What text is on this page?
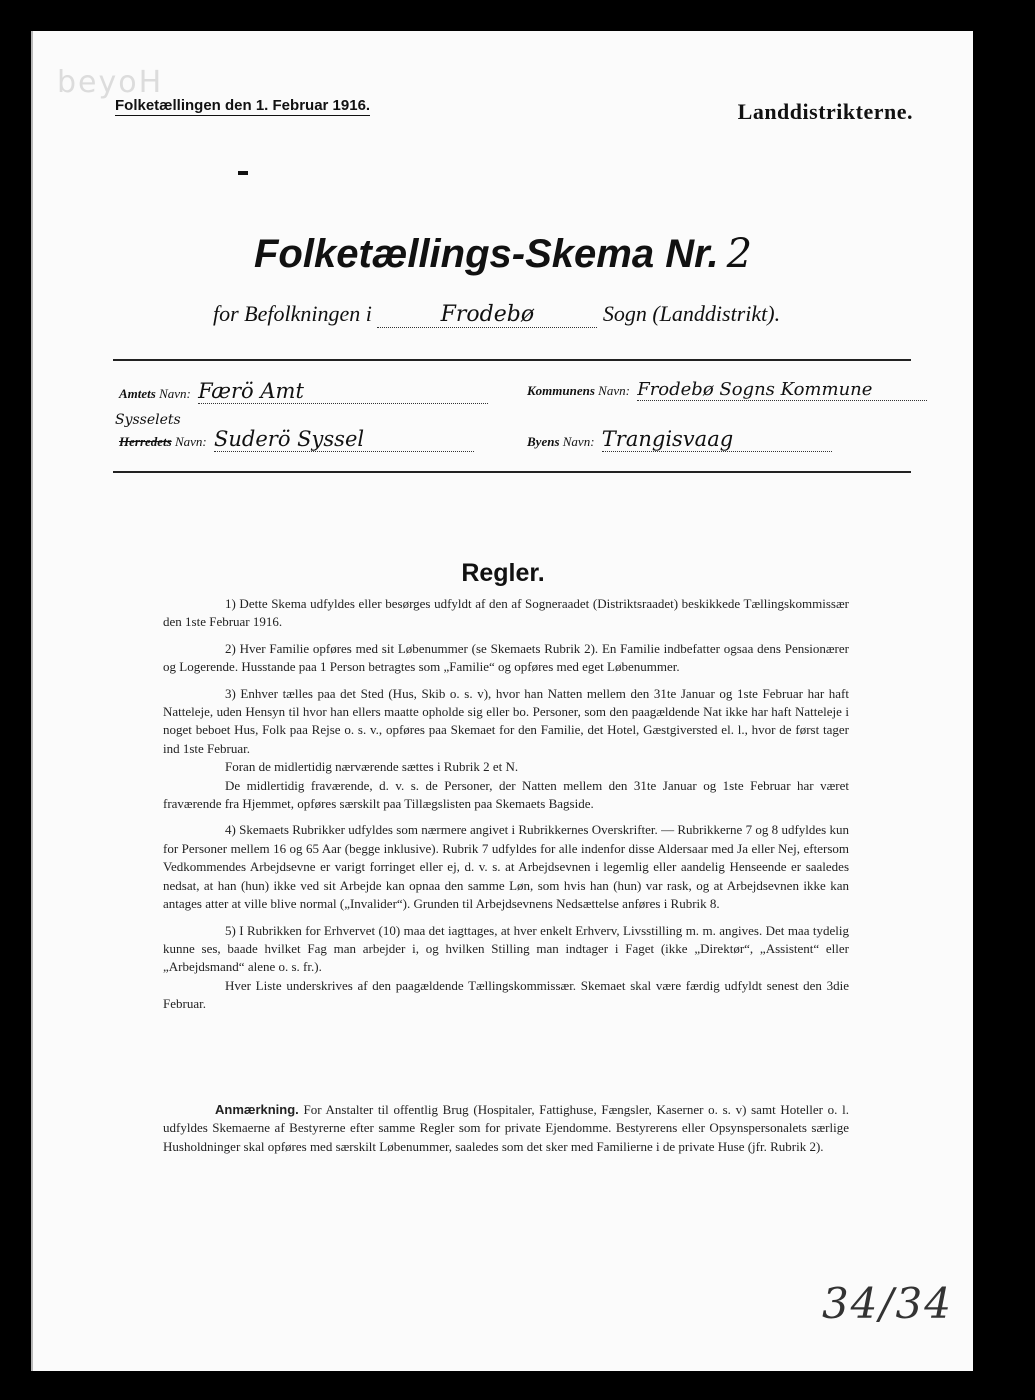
beyoH
Folketællingen den 1. Februar 1916.	Landdistrikterne.
Folketællings-Skema Nr. 2
for Befolkningen i	Frodebø	Sogn (Landdistrikt).
Amtets Navn: Færö Amt	Kommunens Navn: Frodebø Sogns Kommune
Sysselets
Herredets Navn: Suderö Syssel	Byens Navn: Trangisvaag
Regler.

1) Dette Skema udfyldes eller besørges udfyldt af den af Sogneraadet (Distriktsraadet) beskikkede Tællingskommissær den 1ste Februar 1916.

2) Hver Familie opføres med sit Løbenummer (se Skemaets Rubrik 2). En Familie indbefatter ogsaa dens Pensionærer og Logerende. Husstande paa 1 Person betragtes som „Familie“ og opføres med eget Løbenummer.

3) Enhver tælles paa det Sted (Hus, Skib o. s. v), hvor han Natten mellem den 31te Januar og 1ste Februar har haft Natteleje, uden Hensyn til hvor han ellers maatte opholde sig eller bo. Personer, som den paagældende Nat ikke har haft Natteleje i noget beboet Hus, Folk paa Rejse o. s. v., opføres paa Skemaet for den Familie, det Hotel, Gæstgiversted el. l., hvor de først tager ind 1ste Februar.

Foran de midlertidig nærværende sættes i Rubrik 2 et N.

De midlertidig fraværende, d. v. s. de Personer, der Natten mellem den 31te Januar og 1ste Februar har været fraværende fra Hjemmet, opføres særskilt paa Tillægslisten paa Skemaets Bagside.

4) Skemaets Rubrikker udfyldes som nærmere angivet i Rubrikkernes Overskrifter. — Rubrikkerne 7 og 8 udfyldes kun for Personer mellem 16 og 65 Aar (begge inklusive). Rubrik 7 udfyldes for alle indenfor disse Aldersaar med Ja eller Nej, eftersom Vedkommendes Arbejdsevne er varigt forringet eller ej, d. v. s. at Arbejdsevnen i legemlig eller aandelig Henseende er saaledes nedsat, at han (hun) ikke ved sit Arbejde kan opnaa den samme Løn, som hvis han (hun) var rask, og at Arbejdsevnen ikke kan antages atter at ville blive normal („Invalider“). Grunden til Arbejdsevnens Nedsættelse anføres i Rubrik 8.

5) I Rubrikken for Erhvervet (10) maa det iagttages, at hver enkelt Erhverv, Livsstilling m. m. angives. Det maa tydelig kunne ses, baade hvilket Fag man arbejder i, og hvilken Stilling man indtager i Faget (ikke „Direktør“, „Assistent“ eller „Arbejdsmand“ alene o. s. fr.).

Hver Liste underskrives af den paagældende Tællingskommissær. Skemaet skal være færdig udfyldt senest den 3die Februar.

Anmærkning. For Anstalter til offentlig Brug (Hospitaler, Fattighuse, Fængsler, Kaserner o. s. v) samt Hoteller o. l. udfyldes Skemaerne af Bestyrerne efter samme Regler som for private Ejendomme. Bestyrerens eller Opsynspersonalets særlige Husholdninger skal opføres med særskilt Løbenummer, saaledes som det sker med Familierne i de private Huse (jfr. Rubrik 2).
34/34
